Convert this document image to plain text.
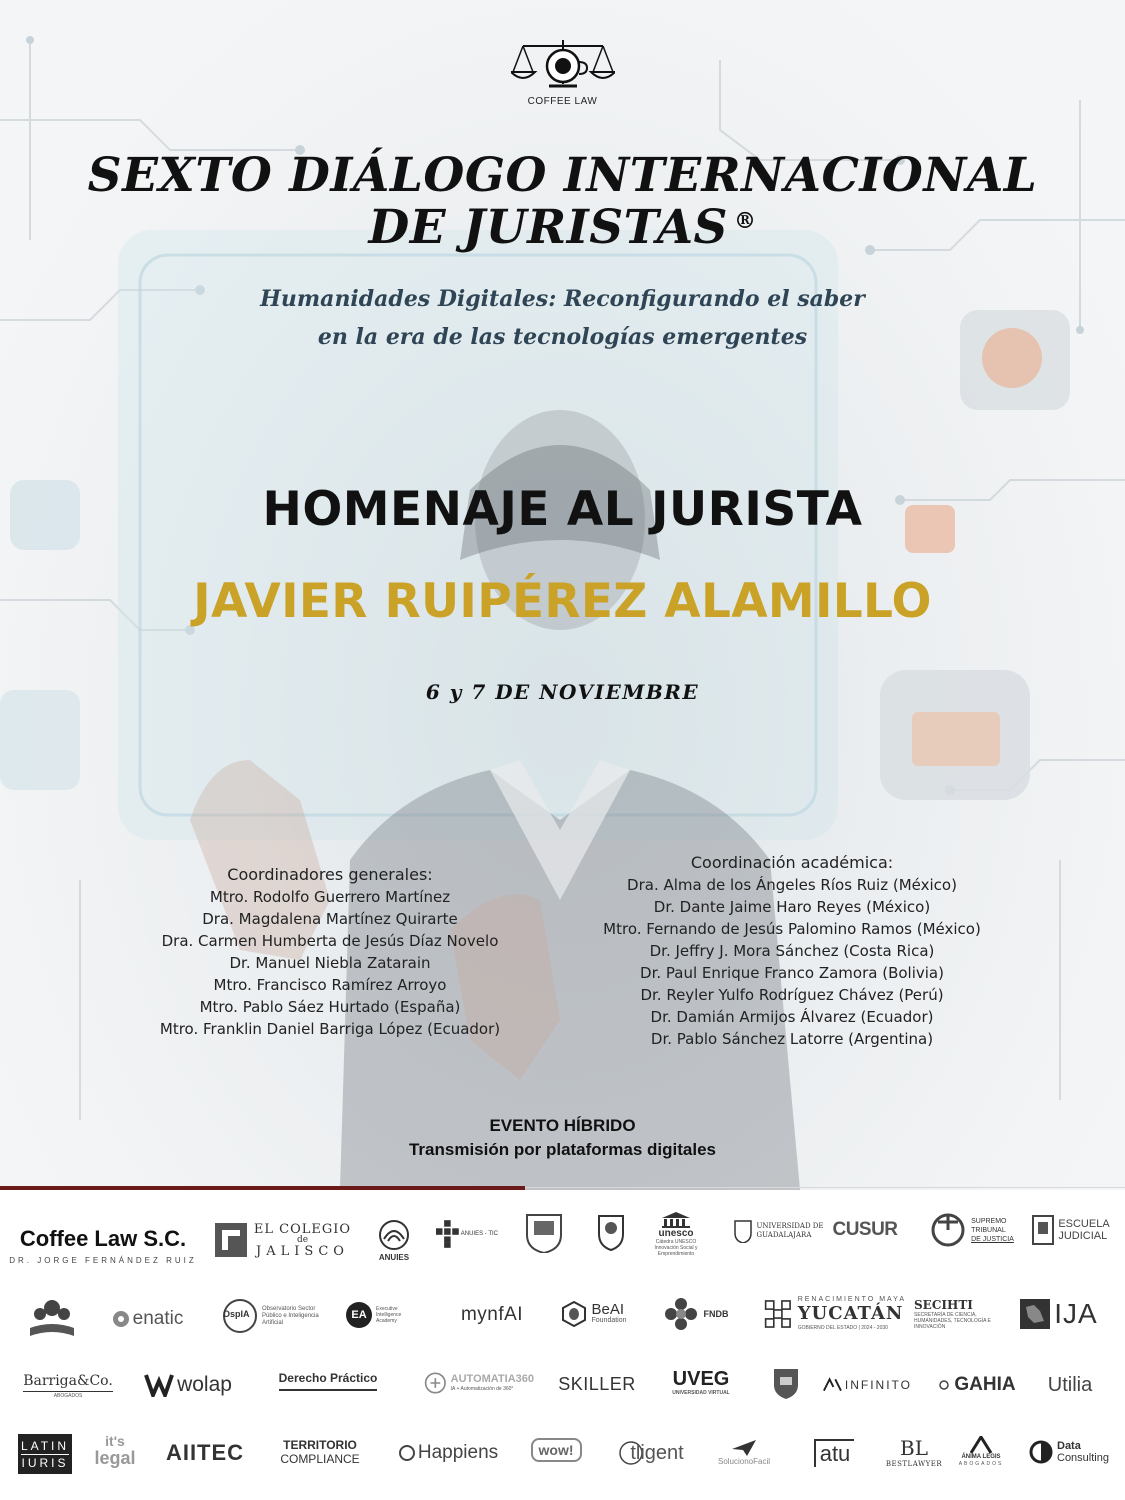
COFFEE LAW
SEXTO DIÁLOGO INTERNACIONAL
DE JURISTAS ®
Humanidades Digitales: Reconfigurando el saber
en la era de las tecnologías emergentes
HOMENAJE AL JURISTA
JAVIER RUIPÉREZ ALAMILLO
6 y 7 DE NOVIEMBRE
Coordinadores generales:
Mtro. Rodolfo Guerrero Martínez
Dra. Magdalena Martínez Quirarte
Dra. Carmen Humberta de Jesús Díaz Novelo
Dr. Manuel Niebla Zatarain
Mtro. Francisco Ramírez Arroyo
Mtro. Pablo Sáez Hurtado (España)
Mtro. Franklin Daniel Barriga López (Ecuador)
Coordinación académica:
Dra. Alma de los Ángeles Ríos Ruiz (México)
Dr. Dante Jaime Haro Reyes (México)
Mtro. Fernando de Jesús Palomino Ramos (México)
Dr. Jeffry J. Mora Sánchez (Costa Rica)
Dr. Paul Enrique Franco Zamora (Bolivia)
Dr. Reyler Yulfo Rodríguez Chávez (Perú)
Dr. Damián Armijos Álvarez (Ecuador)
Dr. Pablo Sánchez Latorre (Argentina)
EVENTO HÍBRIDO
Transmisión por plataformas digitales
Coffee Law S.C.
DR. JORGE FERNÁNDEZ RUIZ
EL COLEGIO
de
JALISCO	ANUIES
ANUIES - TIC	unesco
Cátedra UNESCO Innovación Social y Emprendimiento
UNIVERSIDAD DE
GUADALAJARA	CUSUR	SUPREMO
TRIBUNAL
DE JUSTICIA
ESCUELA
JUDICIAL
enatic	OspIA
Observatorio Sector Público e Inteligencia Artificial
EA Executive Intelligence Academy	mynfAI	BeAI
Foundation
FNDB
RENACIMIENTO MAYA
YUCATÁN
GOBIERNO DEL ESTADO | 2024 - 2030
SECIHTI
SECRETARÍA DE CIENCIA, HUMANIDADES, TECNOLOGÍA E INNOVACIÓN	IJA
Barriga&Co.
ABOGADOS	wolap	Derecho Práctico	AUTOMATIA360
IA + Automatización de 360°	SKILLER UVEG
UNIVERSIDAD VIRTUAL
INFINITO GAHIA Utilia
LATIN
IURIS
it's
legal AIITEC	TERRITORIO
COMPLIANCE	Happiens	wow!	tligent	SolucionoFacil atu BL
BESTLAWYER
ÁNIMA LEGIS
ABOGADOS
Data
Consulting
